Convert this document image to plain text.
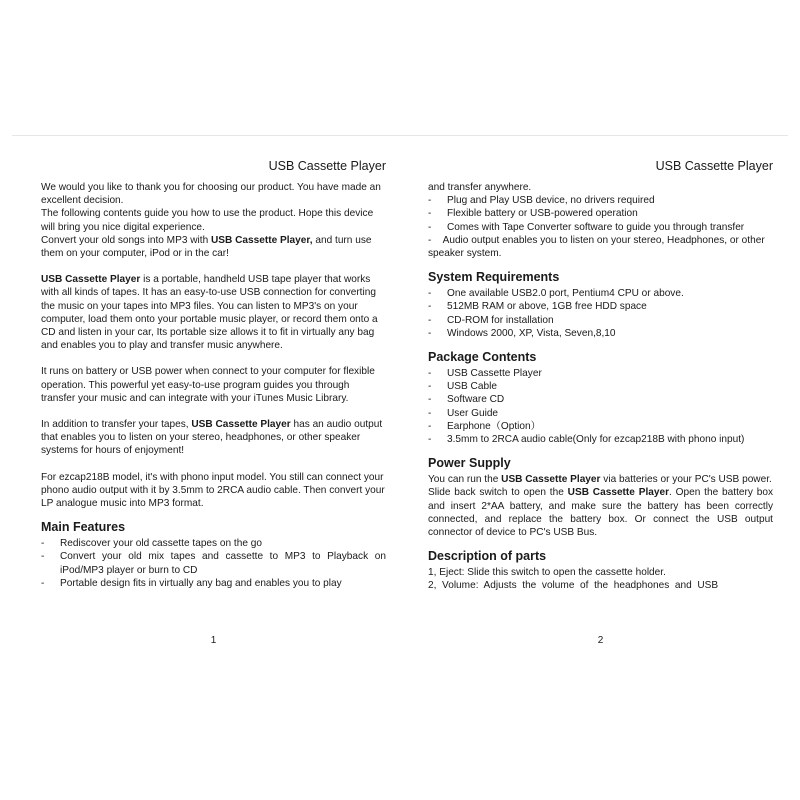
USB Cassette Player

We would you like to thank you for choosing our product. You have made an excellent decision.

The following contents guide you how to use the product. Hope this device will bring you nice digital experience.

Convert your old songs into MP3 with USB Cassette Player, and turn use them on your computer, iPod or in the car!

USB Cassette Player is a portable, handheld USB tape player that works with all kinds of tapes. It has an easy-to-use USB connection for converting the music on your tapes into MP3 files. You can listen to MP3's on your computer, load them onto your portable music player, or record them onto a CD and listen in your car, Its portable size allows it to fit in virtually any bag and enables you to play and transfer music anywhere.

It runs on battery or USB power when connect to your computer for flexible operation. This powerful yet easy-to-use program guides you through transfer your music and can integrate with your iTunes Music Library.

In addition to transfer your tapes, USB Cassette Player has an audio output that enables you to listen on your stereo, headphones, or other speaker systems for hours of enjoyment!

For ezcap218B model, it's with phono input model. You still can connect your phono audio output with it by 3.5mm to 2RCA audio cable. Then convert your LP analogue music into MP3 format.

Main Features
- Rediscover your old cassette tapes on the go
- Convert your old mix tapes and cassette to MP3 to Playback on iPod/MP3 player or burn to CD
- Portable design fits in virtually any bag and enables you to play
1
USB Cassette Player

and transfer anywhere.

- Plug and Play USB device, no drivers required
- Flexible battery or USB-powered operation
- Comes with Tape Converter software to guide you through transfer

-    Audio output enables you to listen on your stereo, Headphones, or other speaker system.

System Requirements
- One available USB2.0 port, Pentium4 CPU or above.
- 512MB RAM or above, 1GB free HDD space
- CD-ROM for installation
- Windows 2000, XP, Vista, Seven,8,10
Package Contents
- USB Cassette Player
- USB Cable
- Software CD
- User Guide
- Earphone（Option）
- 3.5mm to 2RCA audio cable(Only for ezcap218B with phono input)
Power Supply

You can run the USB Cassette Player via batteries or your PC's USB power.

Slide back switch to open the USB Cassette Player. Open the battery box and insert 2*AA battery, and make sure the battery has been correctly connected, and replace the battery box. Or connect the USB output connector of device to PC's USB Bus.

Description of parts

1, Eject: Slide this switch to open the cassette holder.

2,  Volume:  Adjusts  the  volume  of  the  headphones  and  USB

2
